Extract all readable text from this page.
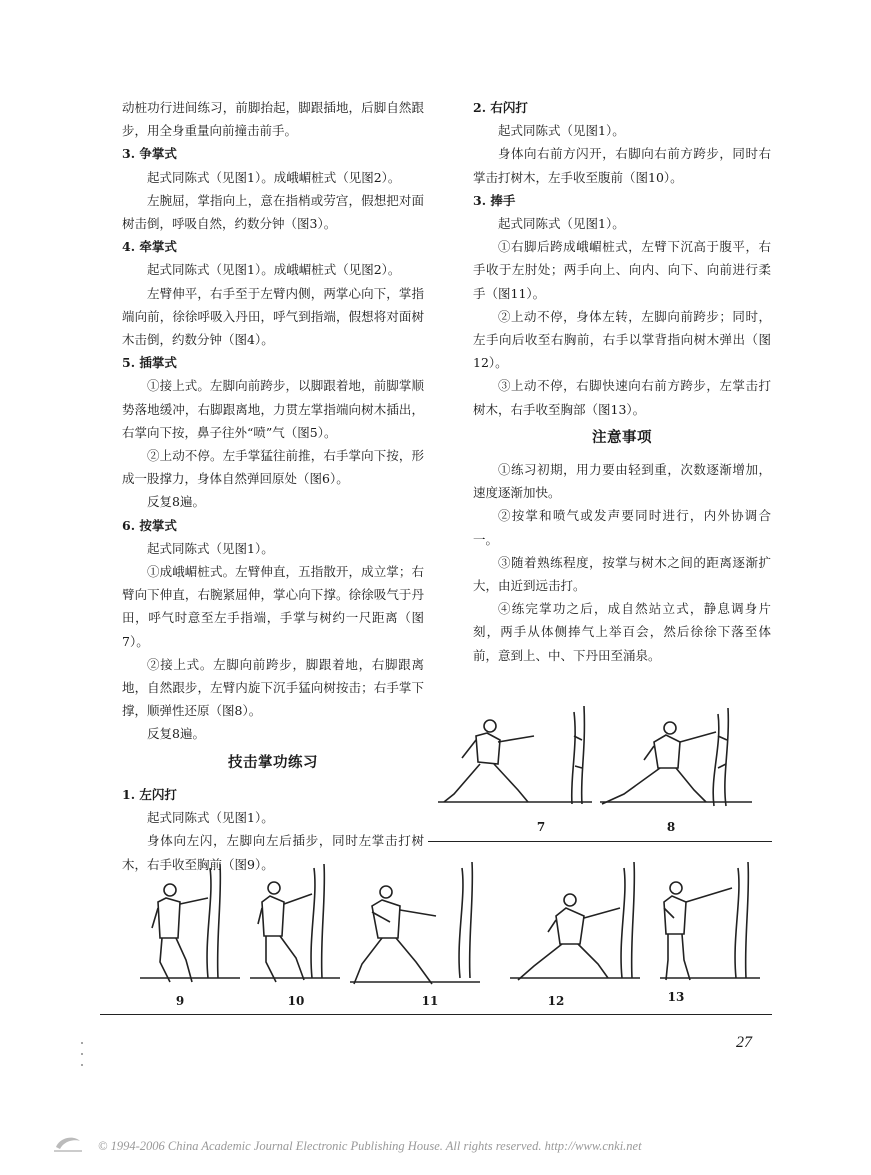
动桩功行进间练习，前脚抬起，脚跟插地，后脚自然跟步，用全身重量向前撞击前手。
3. 争掌式
起式同陈式（见图1）。成峨嵋桩式（见图2）。
左腕屈，掌指向上，意在指梢或劳宫，假想把对面树击倒，呼吸自然，约数分钟（图3）。
4. 牵掌式
起式同陈式（见图1）。成峨嵋桩式（见图2）。
左臂伸平，右手至于左臂内侧，两掌心向下，掌指端向前，徐徐呼吸入丹田，呼气到指端，假想将对面树木击倒，约数分钟（图4）。
5. 插掌式
①接上式。左脚向前跨步，以脚跟着地，前脚掌顺势落地缓冲，右脚跟离地，力贯左掌指端向树木插出，右掌向下按，鼻子往外“喷”气（图5）。
②上动不停。左手掌猛往前推，右手掌向下按，形成一股撑力，身体自然弹回原处（图6）。
反复8遍。
6. 按掌式
起式同陈式（见图1）。
①成峨嵋桩式。左臂伸直，五指散开，成立掌；右臂向下伸直，右腕紧屈伸，掌心向下撑。徐徐吸气于丹田，呼气时意至左手指端，手掌与树约一尺距离（图7）。
②接上式。左脚向前跨步，脚跟着地，右脚跟离地，自然跟步，左臂内旋下沉手猛向树按击；右手掌下撑，顺弹性还原（图8）。
反复8遍。
技击掌功练习
1. 左闪打
起式同陈式（见图1）。
身体向左闪，左脚向左后插步，同时左掌击打树木，右手收至胸前（图9）。
2. 右闪打
起式同陈式（见图1）。
身体向右前方闪开，右脚向右前方跨步，同时右掌击打树木，左手收至腹前（图10）。
3. 捧手
起式同陈式（见图1）。
①右脚后跨成峨嵋桩式，左臂下沉高于腹平，右手收于左肘处；两手向上、向内、向下、向前进行柔手（图11）。
②上动不停，身体左转，左脚向前跨步；同时，左手向后收至右胸前，右手以掌背指向树木弹出（图12）。
③上动不停，右脚快速向右前方跨步，左掌击打树木，右手收至胸部（图13）。
注意事项
①练习初期，用力要由轻到重，次数逐渐增加，速度逐渐加快。
②按掌和喷气或发声要同时进行，内外协调合一。
③随着熟练程度，按掌与树木之间的距离逐渐扩大，由近到远击打。
④练完掌功之后，成自然站立式，静息调身片刻，两手从体侧捧气上举百会，然后徐徐下落至体前，意到上、中、下丹田至涌泉。
7	8
9	10	11	12	13
27
© 1994-2006 China Academic Journal Electronic Publishing House. All rights reserved. http://www.cnki.net
